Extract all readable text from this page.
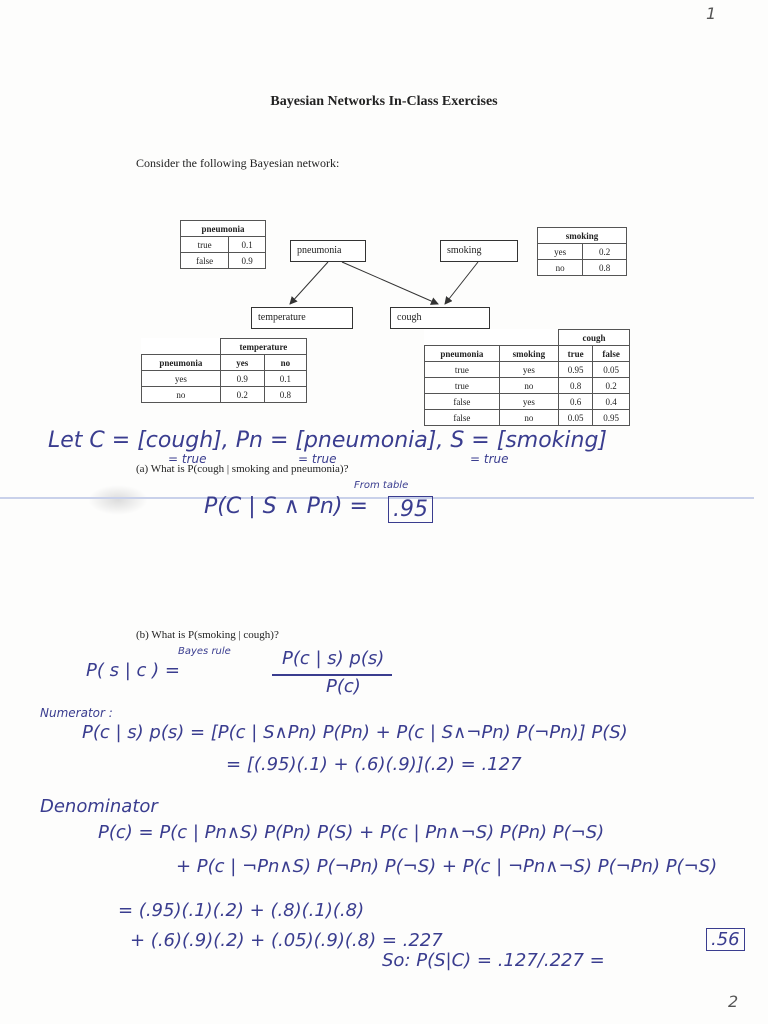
1
2
Bayesian Networks In-Class Exercises
Consider the following Bayesian network:
pneumonia	smoking
temperature	cough
pneumonia	
true	0.1
false	0.9
smoking	
yes	0.2
no	0.8
	temperature	
pneumonia	yes	no
yes	0.9	0.1
no	0.2	0.8
		cough	
pneumonia	smoking	true	false
true	yes	0.95	0.05
true	no	0.8	0.2
false	yes	0.6	0.4
false	no	0.05	0.95
Let C = [cough], Pn = [pneumonia], S = [smoking]
= true	= true	= true
(a) What is P(cough | smoking and pneumonia)?
From table
P(C | S ∧ Pn) = .95
(b) What is P(smoking | cough)?
Bayes rule
P( s | c ) =
P(c | s) p(s)
P(c)
Numerator :
P(c | s) p(s) = [P(c | S∧Pn) P(Pn) + P(c | S∧¬Pn) P(¬Pn)] P(S)
= [(.95)(.1) + (.6)(.9)](.2) = .127
Denominator
P(c) = P(c | Pn∧S) P(Pn) P(S) + P(c | Pn∧¬S) P(Pn) P(¬S)
+ P(c | ¬Pn∧S) P(¬Pn) P(¬S) + P(c | ¬Pn∧¬S) P(¬Pn) P(¬S)
= (.95)(.1)(.2) + (.8)(.1)(.8)
+ (.6)(.9)(.2) + (.05)(.9)(.8) = .227
So: P(S|C) = .127/.227 =
.56
